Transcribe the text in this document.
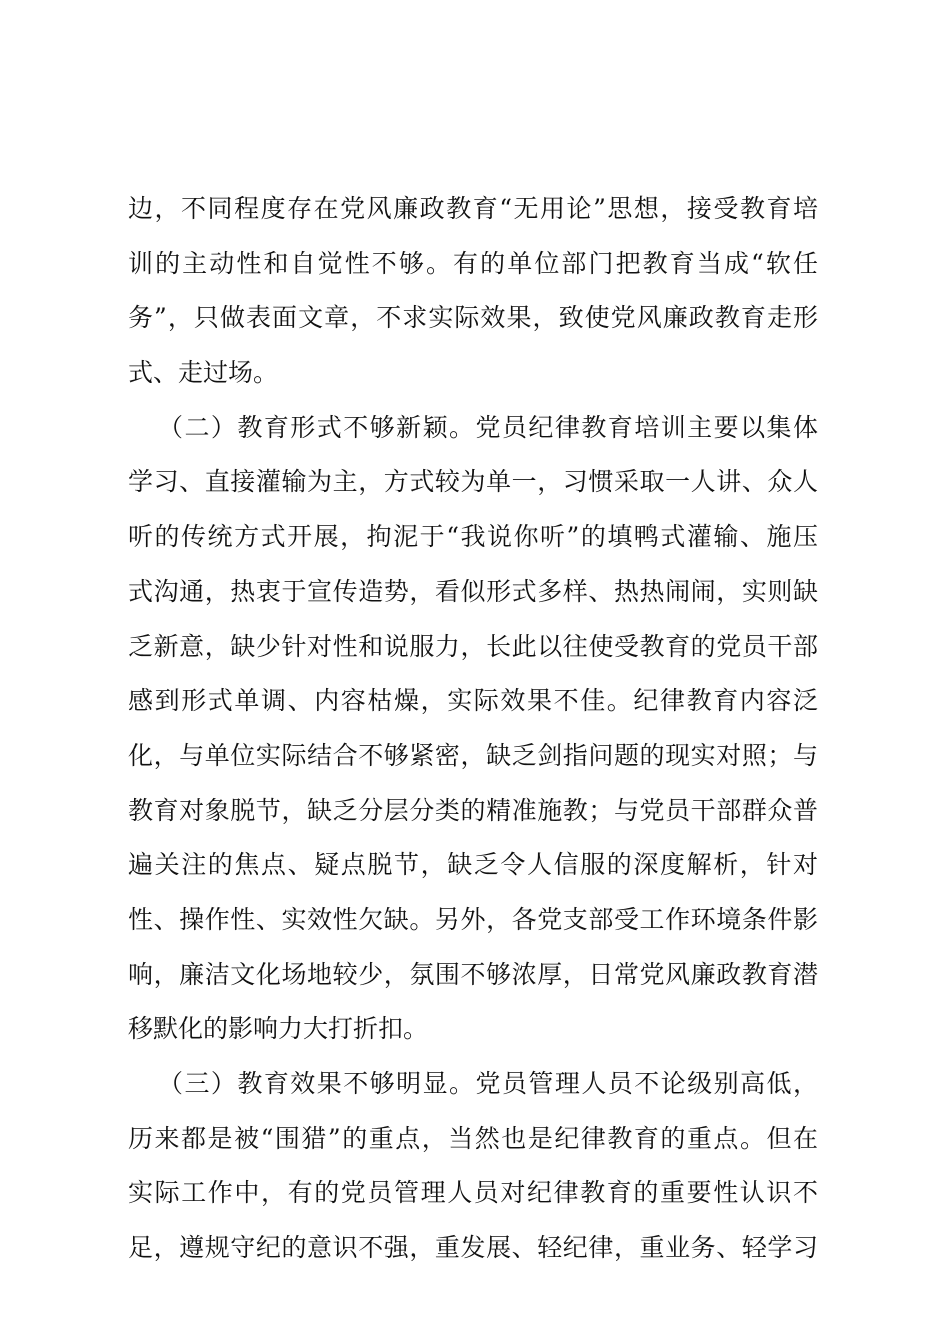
边，不同程度存在党风廉政教育“无用论”思想，接受教育培
训的主动性和自觉性不够。有的单位部门把教育当成“软任
务”，只做表面文章，不求实际效果，致使党风廉政教育走形
式、走过场。
（二）教育形式不够新颖。党员纪律教育培训主要以集体
学习、直接灌输为主，方式较为单一，习惯采取一人讲、众人
听的传统方式开展，拘泥于“我说你听”的填鸭式灌输、施压
式沟通，热衷于宣传造势，看似形式多样、热热闹闹，实则缺
乏新意，缺少针对性和说服力，长此以往使受教育的党员干部
感到形式单调、内容枯燥，实际效果不佳。纪律教育内容泛
化，与单位实际结合不够紧密，缺乏剑指问题的现实对照；与
教育对象脱节，缺乏分层分类的精准施教；与党员干部群众普
遍关注的焦点、疑点脱节，缺乏令人信服的深度解析，针对
性、操作性、实效性欠缺。另外，各党支部受工作环境条件影
响，廉洁文化场地较少，氛围不够浓厚，日常党风廉政教育潜
移默化的影响力大打折扣。
（三）教育效果不够明显。党员管理人员不论级别高低，
历来都是被“围猎”的重点，当然也是纪律教育的重点。但在
实际工作中，有的党员管理人员对纪律教育的重要性认识不
足，遵规守纪的意识不强，重发展、轻纪律，重业务、轻学习
